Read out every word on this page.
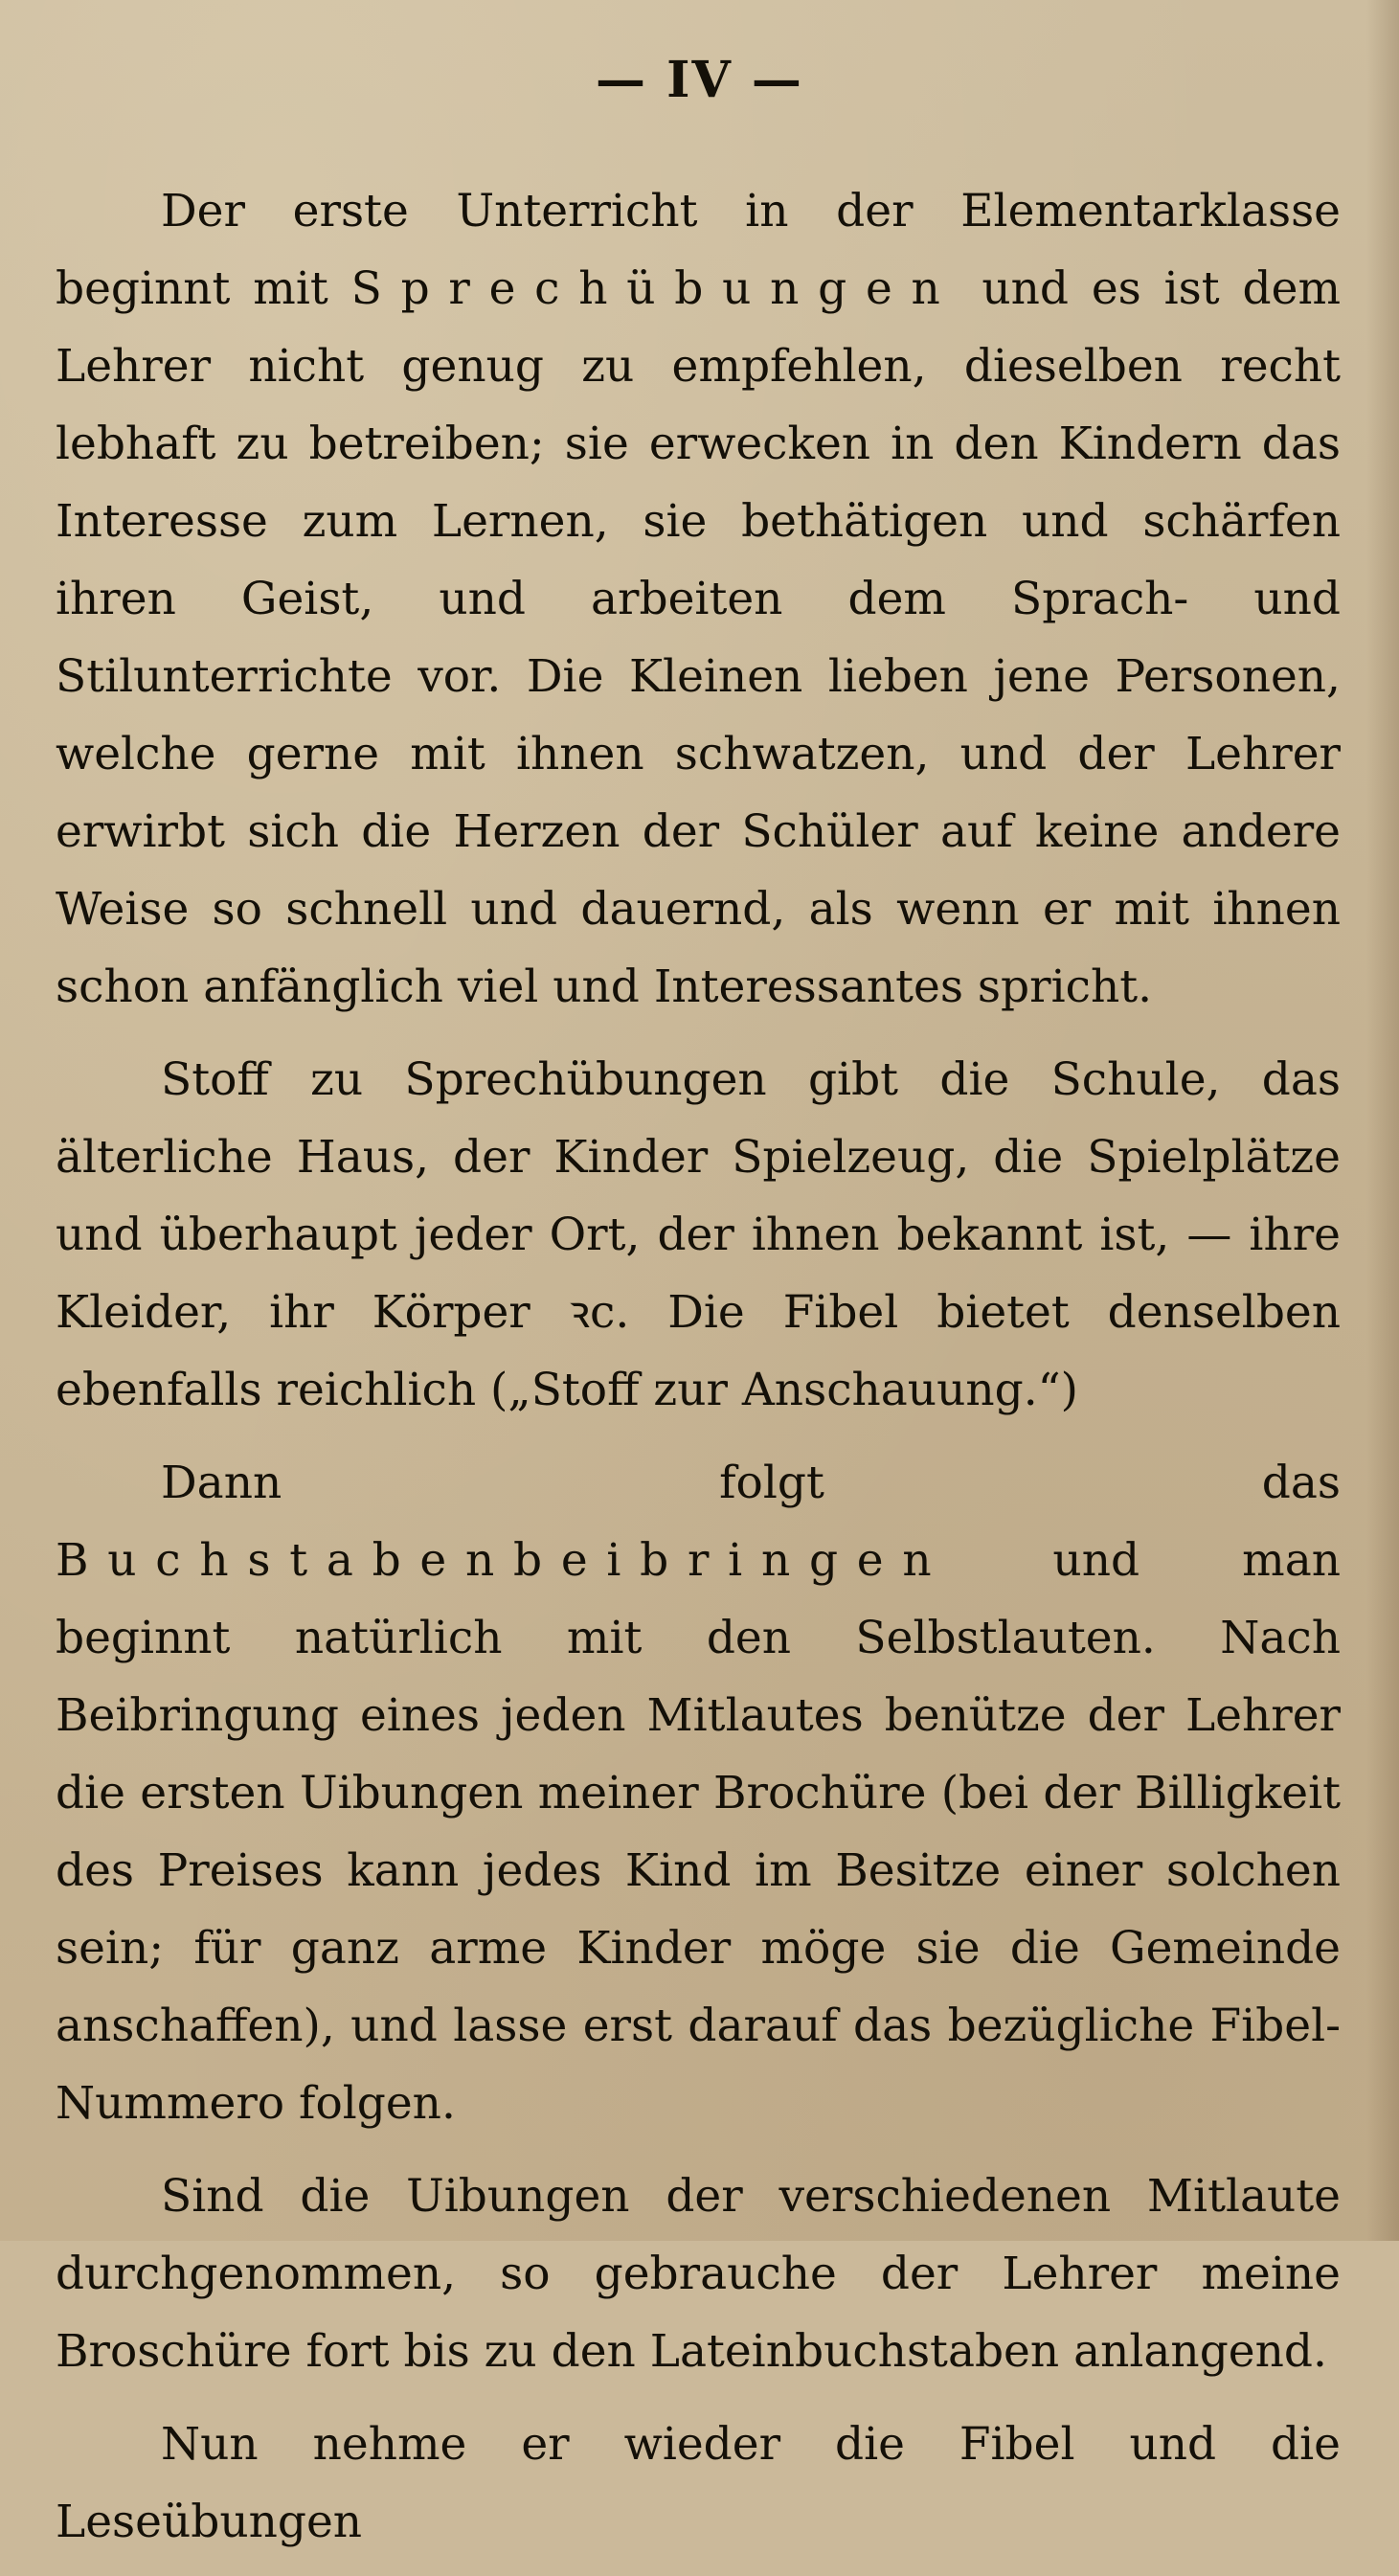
— IV —

Der erste Unterricht in der Elementarklasse beginnt mit Sprechübungen und es ist dem Lehrer nicht genug zu empfehlen, dieselben recht lebhaft zu betreiben; sie erwecken in den Kindern das Interesse zum Lernen, sie bethätigen und schärfen ihren Geist, und arbeiten dem Sprach- und Stilunterrichte vor. Die Kleinen lieben jene Personen, welche gerne mit ihnen schwatzen, und der Lehrer erwirbt sich die Herzen der Schüler auf keine andere Weise so schnell und dauernd, als wenn er mit ihnen schon anfänglich viel und Interessantes spricht.

Stoff zu Sprechübungen gibt die Schule, das älterliche Haus, der Kinder Spielzeug, die Spielplätze und überhaupt jeder Ort, der ihnen bekannt ist, — ihre Kleider, ihr Körper ꝛc. Die Fibel bietet denselben ebenfalls reichlich („Stoff zur Anschauung.“)

Dann folgt das Buchstabenbeibringen und man beginnt natürlich mit den Selbstlauten. Nach Beibringung eines jeden Mitlautes benütze der Lehrer die ersten Uibungen meiner Brochüre (bei der Billigkeit des Preises kann jedes Kind im Besitze einer solchen sein; für ganz arme Kinder möge sie die Gemeinde anschaffen), und lasse erst darauf das bezügliche Fibel-Nummero folgen.

Sind die Uibungen der verschiedenen Mitlaute durchgenommen, so gebrauche der Lehrer meine Broschüre fort bis zu den Lateinbuchstaben anlangend.

Nun nehme er wieder die Fibel und die Leseübungen
